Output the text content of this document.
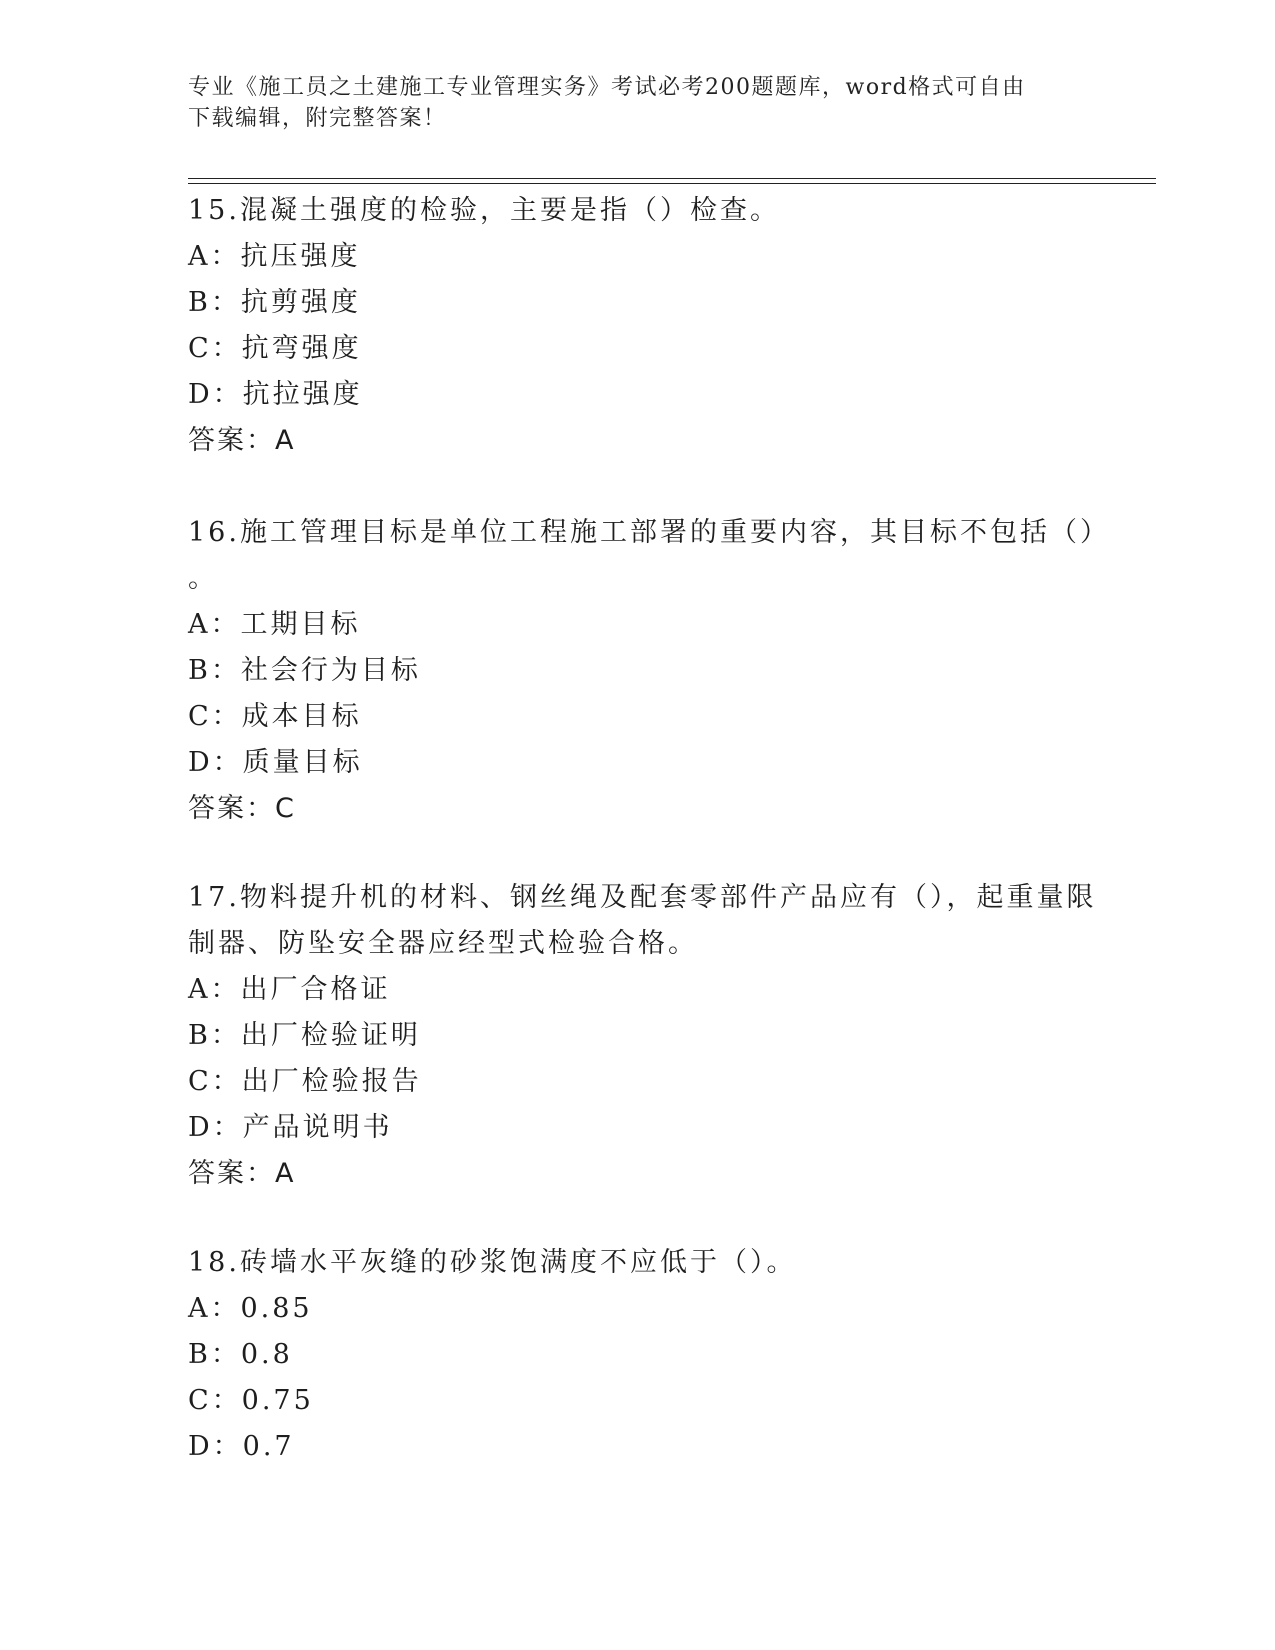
专业《施工员之土建施工专业管理实务》考试必考200题题库，word格式可自由
下载编辑，附完整答案！
15.混凝土强度的检验，主要是指（）检查。
A：抗压强度
B：抗剪强度
C：抗弯强度
D：抗拉强度
答案：A
16.施工管理目标是单位工程施工部署的重要内容，其目标不包括（）
。
A：工期目标
B：社会行为目标
C：成本目标
D：质量目标
答案：C
17.物料提升机的材料、钢丝绳及配套零部件产品应有（），起重量限
制器、防坠安全器应经型式检验合格。
A：出厂合格证
B：出厂检验证明
C：出厂检验报告
D：产品说明书
答案：A
18.砖墙水平灰缝的砂浆饱满度不应低于（）。
A：0.85
B：0.8
C：0.75
D：0.7
